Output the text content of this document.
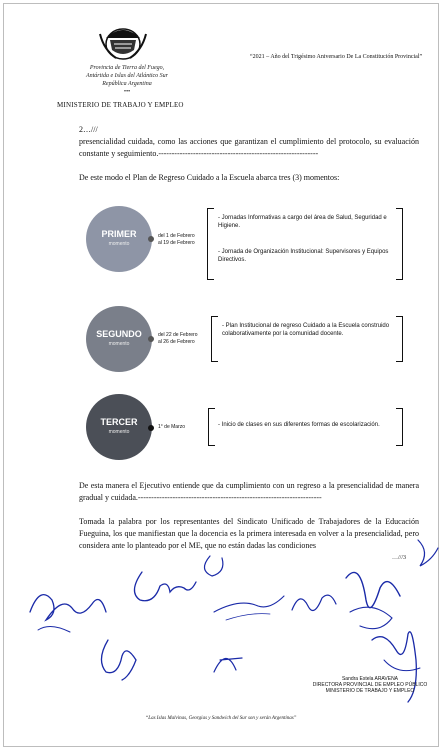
Provincia de Tierra del Fuego,
Antártida e Islas del Atlántico Sur
República Argentina
•••
MINISTERIO DE TRABAJO Y EMPLEO
“2021 – Año del Trigésimo Aniversario De La Constitución Provincial”
2…///
presencialidad cuidada, como las acciones que garantizan el cumplimiento del protocolo, su evaluación constante y seguimiento.------------------------------------------------------------
De este modo el Plan de Regreso Cuidado a la Escuela abarca tres (3) momentos:
PRIMER
momento
del 1 de Febrero
al 19 de Febrero
- Jornadas Informativas a cargo del área de Salud, Seguridad e Higiene.
- Jornada de Organización Institucional: Supervisores y Equipos Directivos.
SEGUNDO
momento
del 22 de Febrero
al 26 de Febrero
- Plan Institucional de regreso Cuidado a la Escuela construido colaborativamente por la comunidad docente.
TERCER
momento
1° de Marzo	- Inicio de clases en sus diferentes formas de escolarización.
De esta manera el Ejecutivo entiende que da cumplimiento con un regreso a la presencialidad de manera gradual y cuidada.---------------------------------------------------------------------
Tomada la palabra por los representantes del Sindicato Unificado de Trabajadores de la Educación Fueguina, los que manifiestan que la docencia es la primera interesada en volver a la presencialidad, pero considera ante lo planteado por el ME, que no están dadas las condiciones
…///3
Sandra Estela ARAVENA
DIRECTORA PROVINCIAL DE EMPLEO PÚBLICO
MINISTERIO DE TRABAJO Y EMPLEO
“Las Islas Malvinas, Georgias y Sandwich del Sur son y serán Argentinas”
